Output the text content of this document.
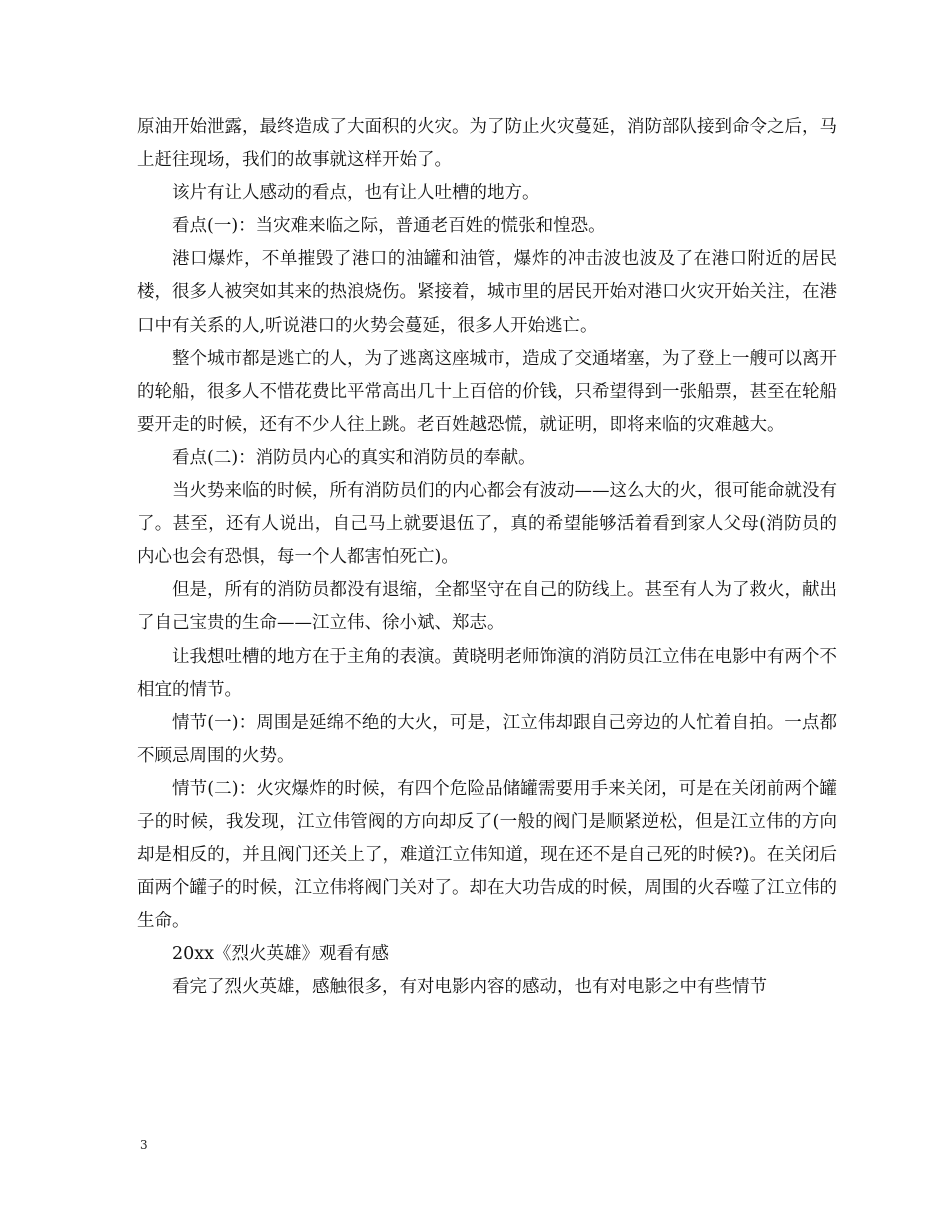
原油开始泄露，最终造成了大面积的火灾。为了防止火灾蔓延，消防部队接到命令之后，马上赶往现场，我们的故事就这样开始了。

该片有让人感动的看点，也有让人吐槽的地方。

看点(一)：当灾难来临之际，普通老百姓的慌张和惶恐。

港口爆炸，不单摧毁了港口的油罐和油管，爆炸的冲击波也波及了在港口附近的居民楼，很多人被突如其来的热浪烧伤。紧接着，城市里的居民开始对港口火灾开始关注，在港口中有关系的人,听说港口的火势会蔓延，很多人开始逃亡。

整个城市都是逃亡的人，为了逃离这座城市，造成了交通堵塞，为了登上一艘可以离开的轮船，很多人不惜花费比平常高出几十上百倍的价钱，只希望得到一张船票，甚至在轮船要开走的时候，还有不少人往上跳。老百姓越恐慌，就证明，即将来临的灾难越大。

看点(二)：消防员内心的真实和消防员的奉献。

当火势来临的时候，所有消防员们的内心都会有波动——这么大的火，很可能命就没有了。甚至，还有人说出，自己马上就要退伍了，真的希望能够活着看到家人父母(消防员的内心也会有恐惧，每一个人都害怕死亡)。

但是，所有的消防员都没有退缩，全都坚守在自己的防线上。甚至有人为了救火，献出了自己宝贵的生命——江立伟、徐小斌、郑志。

让我想吐槽的地方在于主角的表演。黄晓明老师饰演的消防员江立伟在电影中有两个不相宜的情节。

情节(一)：周围是延绵不绝的大火，可是，江立伟却跟自己旁边的人忙着自拍。一点都不顾忌周围的火势。

情节(二)：火灾爆炸的时候，有四个危险品储罐需要用手来关闭，可是在关闭前两个罐子的时候，我发现，江立伟管阀的方向却反了(一般的阀门是顺紧逆松，但是江立伟的方向却是相反的，并且阀门还关上了，难道江立伟知道，现在还不是自己死的时候?)。在关闭后面两个罐子的时候，江立伟将阀门关对了。却在大功告成的时候，周围的火吞噬了江立伟的生命。

20xx《烈火英雄》观看有感

看完了烈火英雄，感触很多，有对电影内容的感动，也有对电影之中有些情节

3
